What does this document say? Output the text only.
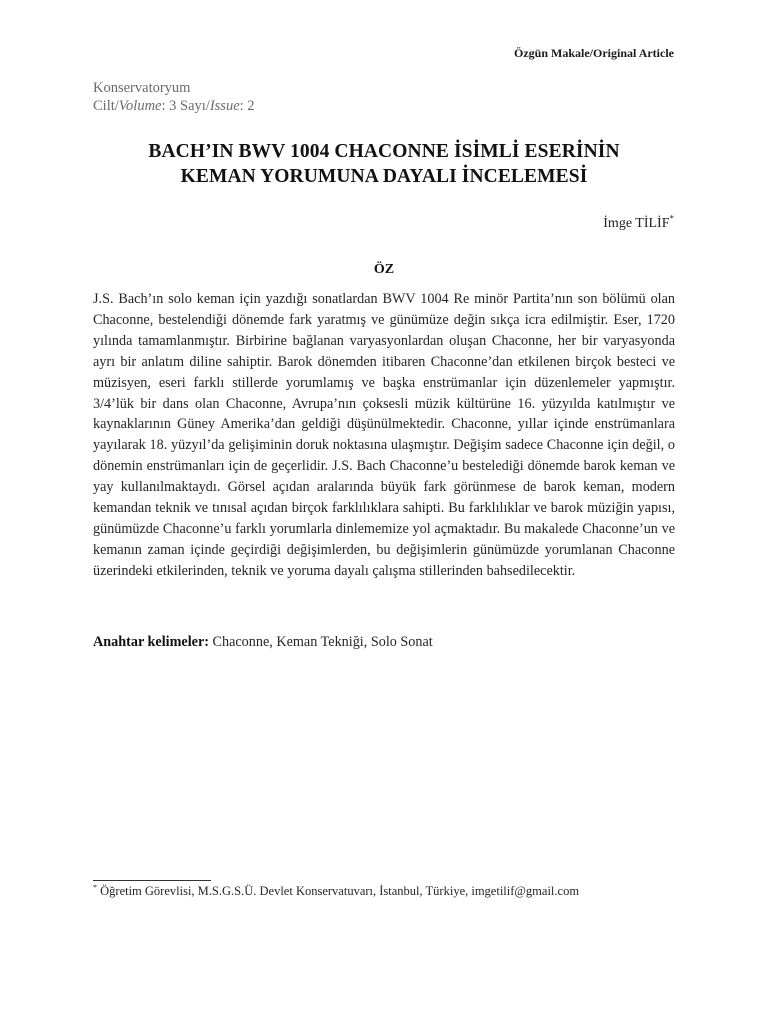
Özgün Makale/Original Article
Konservatoryum
Cilt/Volume: 3 Sayı/Issue: 2
BACH’IN BWV 1004 CHACONNE İSİMLİ ESERİNİN
KEMAN YORUMUNA DAYALI İNCELEMESİ
İmge TİLİF*
ÖZ

J.S. Bach’ın solo keman için yazdığı sonatlardan BWV 1004 Re minör Partita’nın son bölümü olan Chaconne, bestelendiği dönemde fark yaratmış ve günümüze değin sıkça icra edilmiştir. Eser, 1720 yılında tamamlanmıştır. Birbirine bağlanan varyasyonlardan oluşan Chaconne, her bir varyasyonda ayrı bir anlatım diline sahiptir. Barok dönemden itibaren Chaconne’dan etkilenen birçok besteci ve müzisyen, eseri farklı stillerde yorumlamış ve başka enstrümanlar için düzenlemeler yapmıştır. 3/4’lük bir dans olan Chaconne, Avrupa’nın çoksesli müzik kültürüne 16. yüzyılda katılmıştır ve kaynaklarının Güney Amerika’dan geldiği düşünülmektedir. Chaconne, yıllar içinde enstrümanlara yayılarak 18. yüzyıl’da gelişiminin doruk noktasına ulaşmıştır. Değişim sadece Chaconne için değil, o dönemin enstrümanları için de geçerlidir. J.S. Bach Chaconne’u bestelediği dönemde barok keman ve yay kullanılmaktaydı. Görsel açıdan aralarında büyük fark görünmese de barok keman, modern kemandan teknik ve tınısal açıdan birçok farklılıklara sahipti. Bu farklılıklar ve barok müziğin yapısı, günümüzde Chaconne’u farklı yorumlarla dinlememize yol açmaktadır. Bu makalede Chaconne’un ve kemanın zaman içinde geçirdiği değişimlerden, bu değişimlerin günümüzde yorumlanan Chaconne üzerindeki etkilerinden, teknik ve yoruma dayalı çalışma stillerinden bahsedilecektir.

Anahtar kelimeler: Chaconne, Keman Tekniği, Solo Sonat
* Öğretim Görevlisi, M.S.G.S.Ü. Devlet Konservatuvarı, İstanbul, Türkiye, imgetilif@gmail.com
